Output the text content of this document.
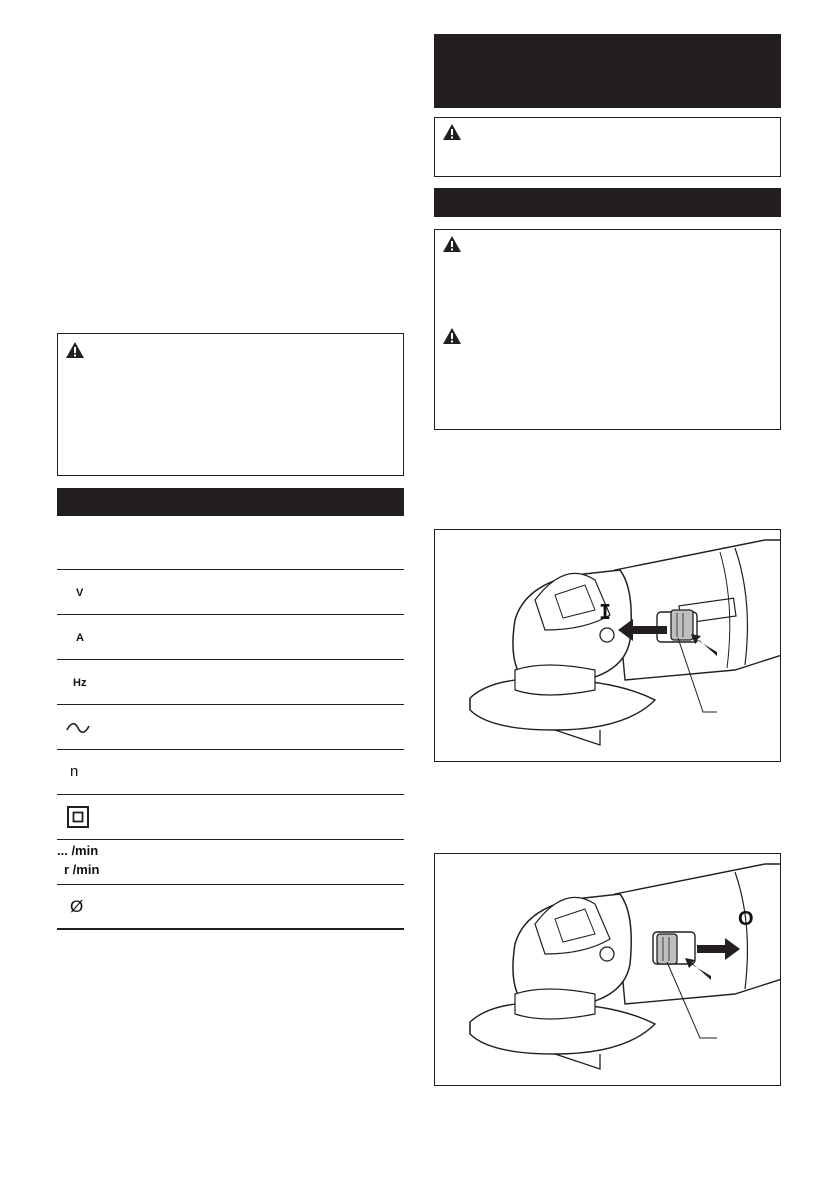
V
A
Hz
n
... /min
r /min
Ø
I
O
